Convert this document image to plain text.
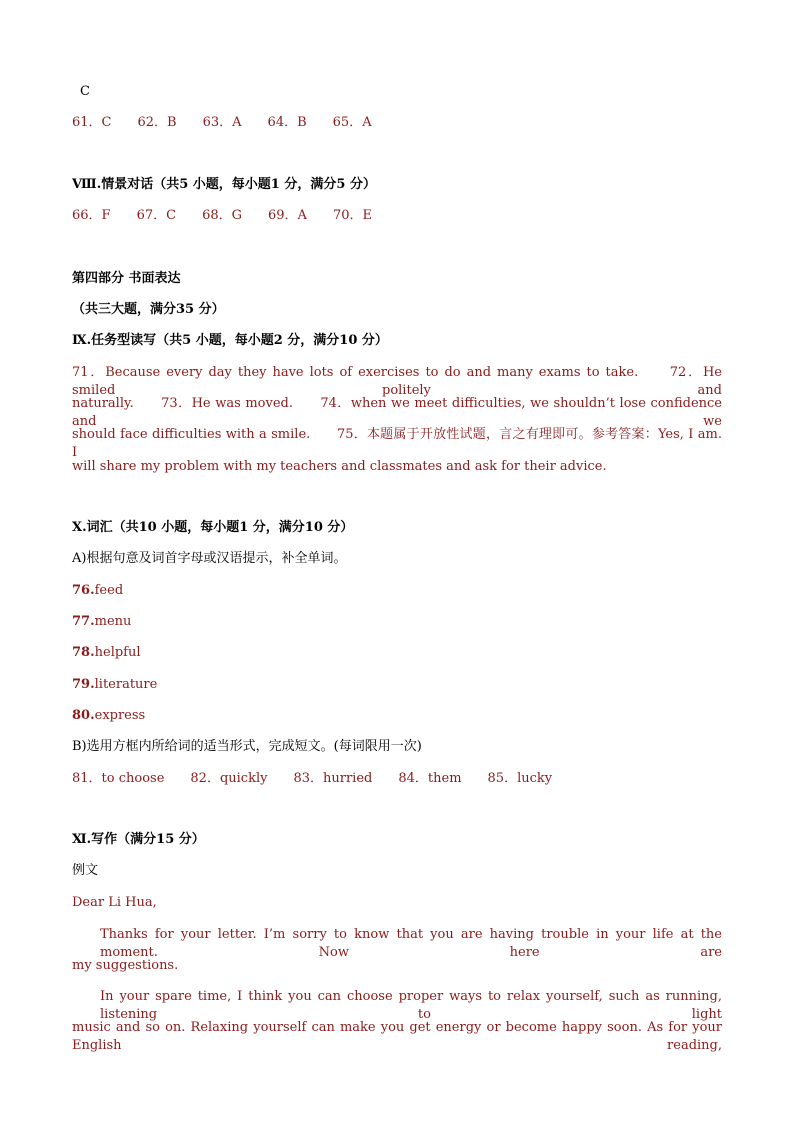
C
61．C 62．B 63．A 64．B 65．A
Ⅷ.情景对话（共5 小题，每小题1 分，满分5 分）
66．F 67．C 68．G 69．A 70．E
第四部分 书面表达
（共三大题，满分35 分）
Ⅸ.任务型读写（共5 小题，每小题2 分，满分10 分）
71．Because every day they have lots of exercises to do and many exams to take.　　72．He smiled politely and
naturally.　　73．He was moved.　　74．when we meet difficulties, we shouldn’t lose confidence and we
should face difficulties with a smile.　　75．本题属于开放性试题，言之有理即可。参考答案：Yes, I am. I
will share my problem with my teachers and classmates and ask for their advice.
Ⅹ.词汇（共10 小题，每小题1 分，满分10 分）
A)根据句意及词首字母或汉语提示，补全单词。
76.feed
77.menu
78.helpful
79.literature
80.express
B)选用方框内所给词的适当形式，完成短文。(每词限用一次)
81．to choose 82．quickly 83．hurried 84．them 85．lucky
Ⅺ.写作（满分15 分）
例文
Dear Li Hua,
Thanks for your letter. I’m sorry to know that you are having trouble in your life at the moment. Now here are
my suggestions.
In your spare time, I think you can choose proper ways to relax yourself, such as running, listening to light
music and so on. Relaxing yourself can make you get energy or become happy soon. As for your English reading,
